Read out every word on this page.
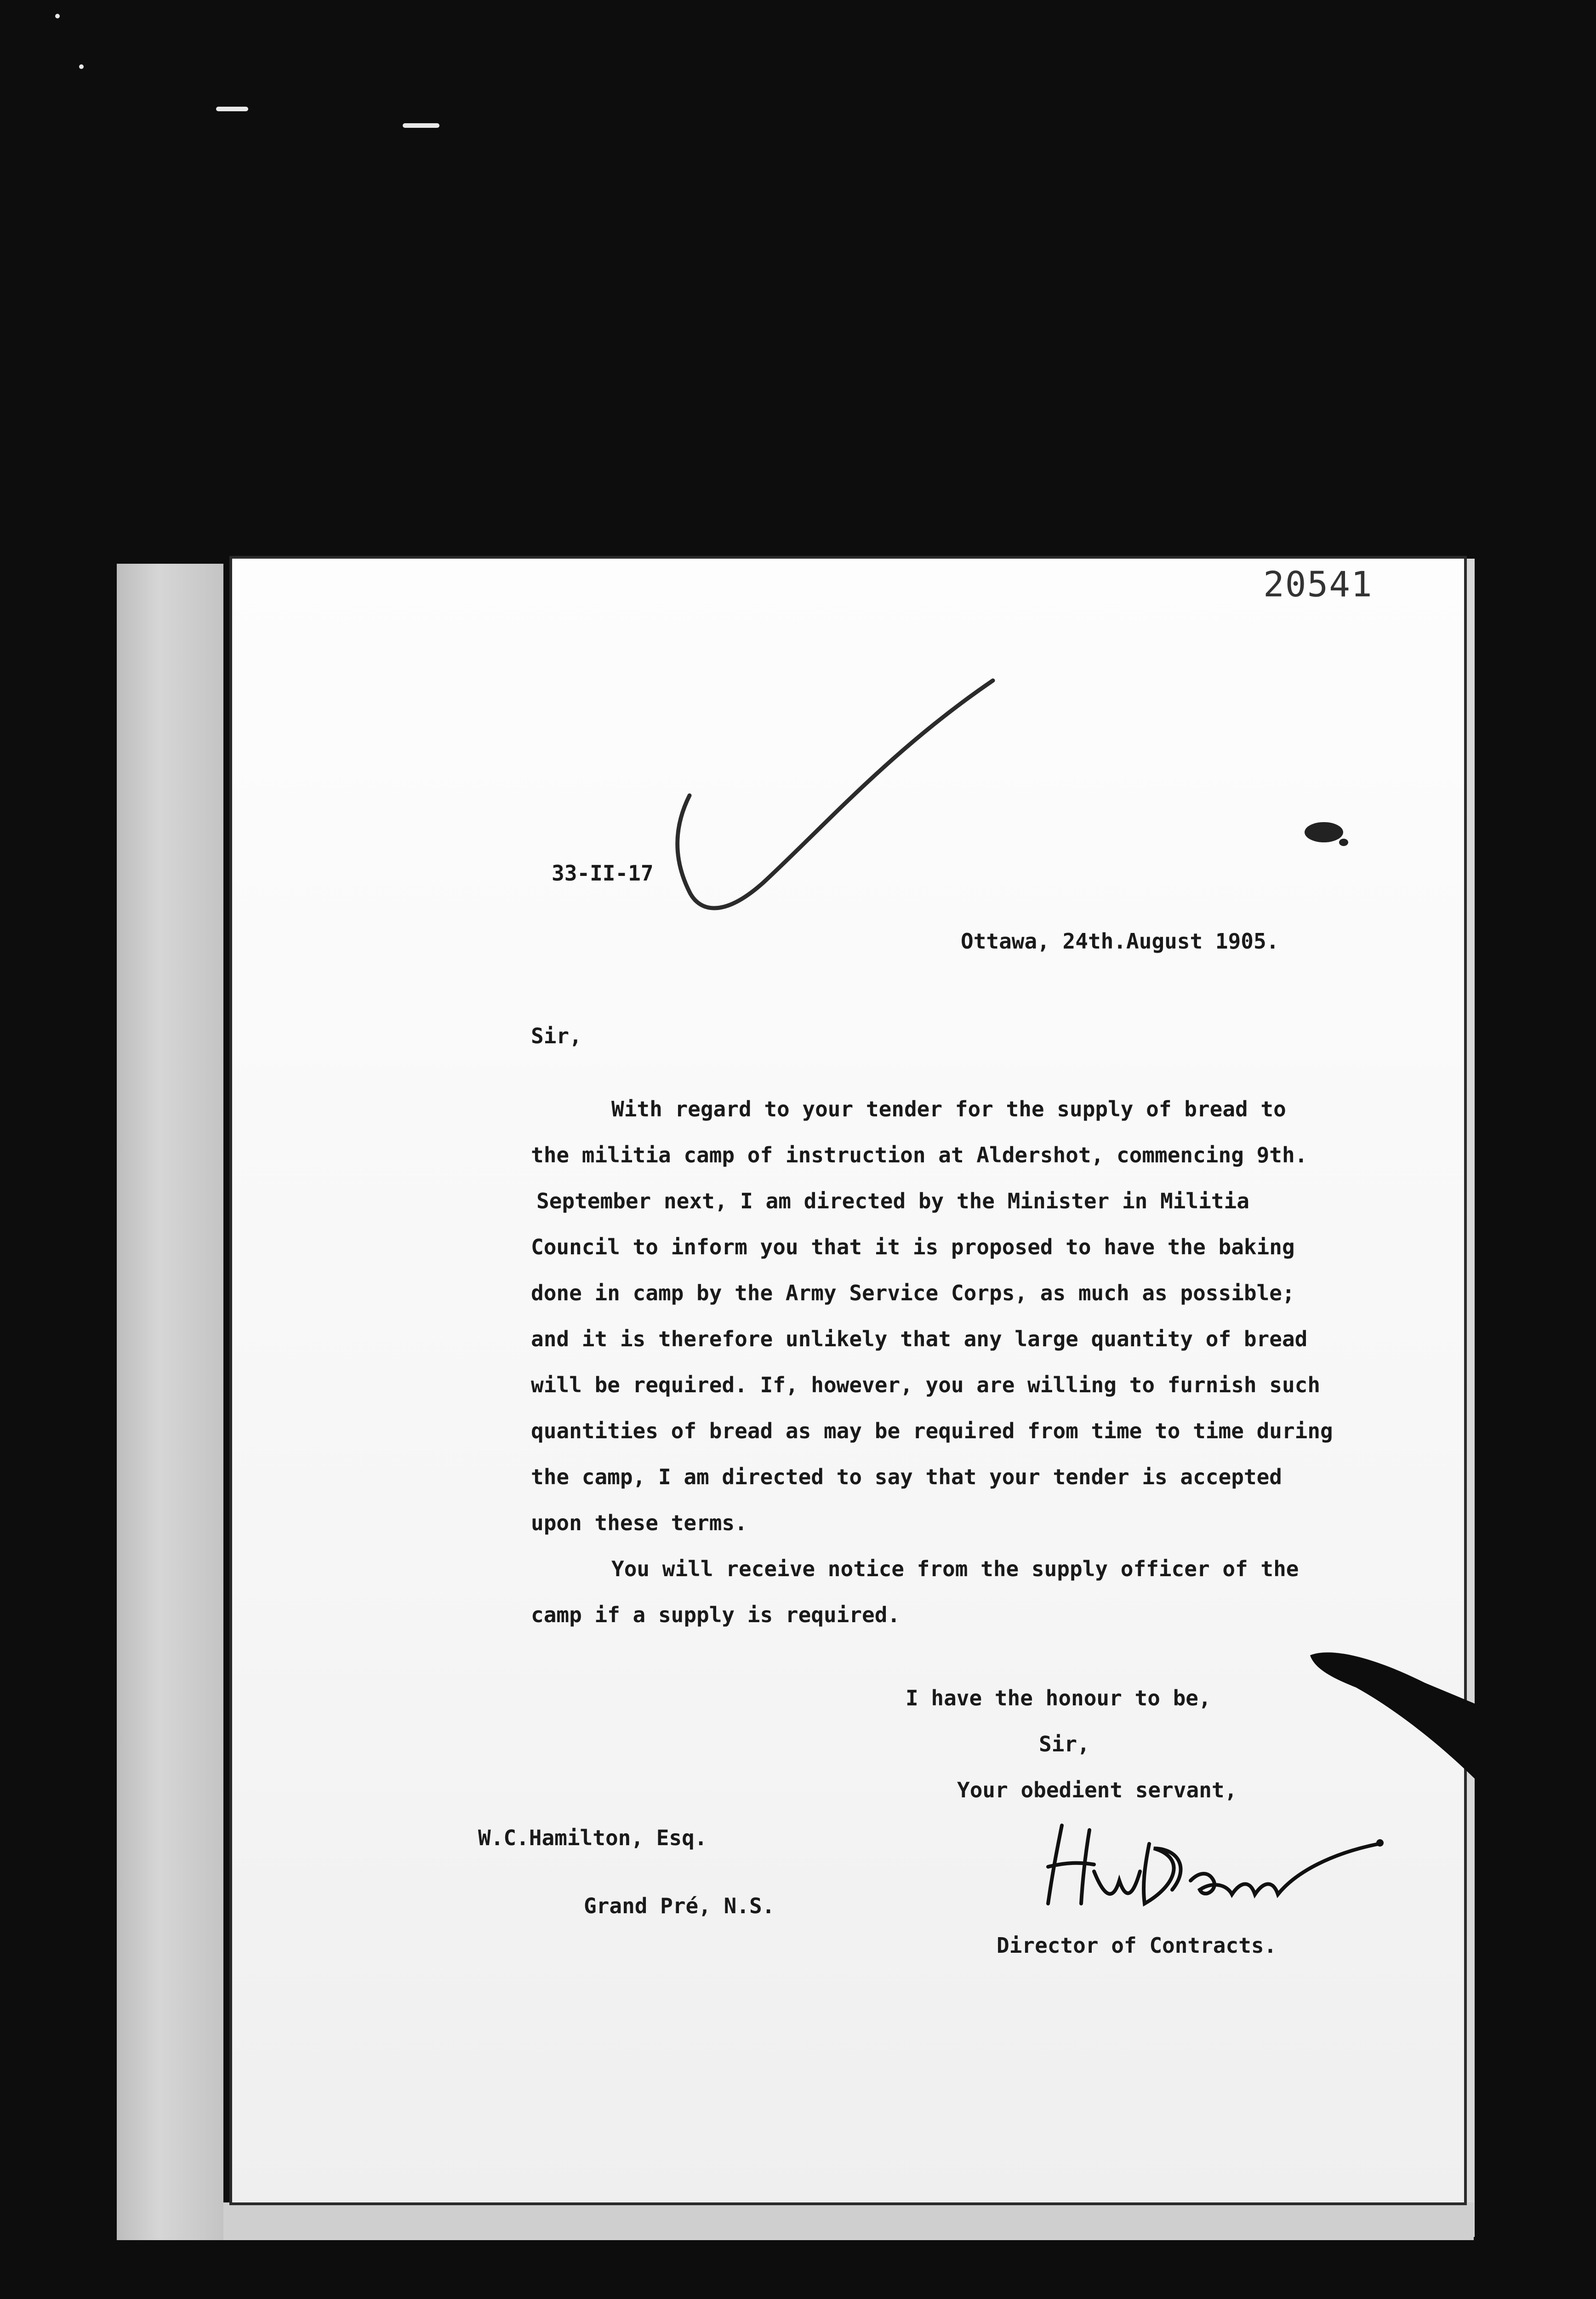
20541
33-II-17
Ottawa, 24th.August 1905.
Sir,

With regard to your tender for the supply of bread to

the militia camp of instruction at Aldershot, commencing 9th.

September next, I am directed by the Minister in Militia

Council to inform you that it is proposed to have the baking

done in camp by the Army Service Corps, as much as possible;

and it is therefore unlikely that any large quantity of bread

will be required. If, however, you are willing to furnish such

quantities of bread as may be required from time to time during

the camp, I am directed to say that your tender is accepted

upon these terms.

You will receive notice from the supply officer of the

camp if a supply is required.

I have the honour to be,
Sir,
Your obedient servant,
W.C.Hamilton, Esq.
Grand Pré, N.S.
Director of Contracts.
